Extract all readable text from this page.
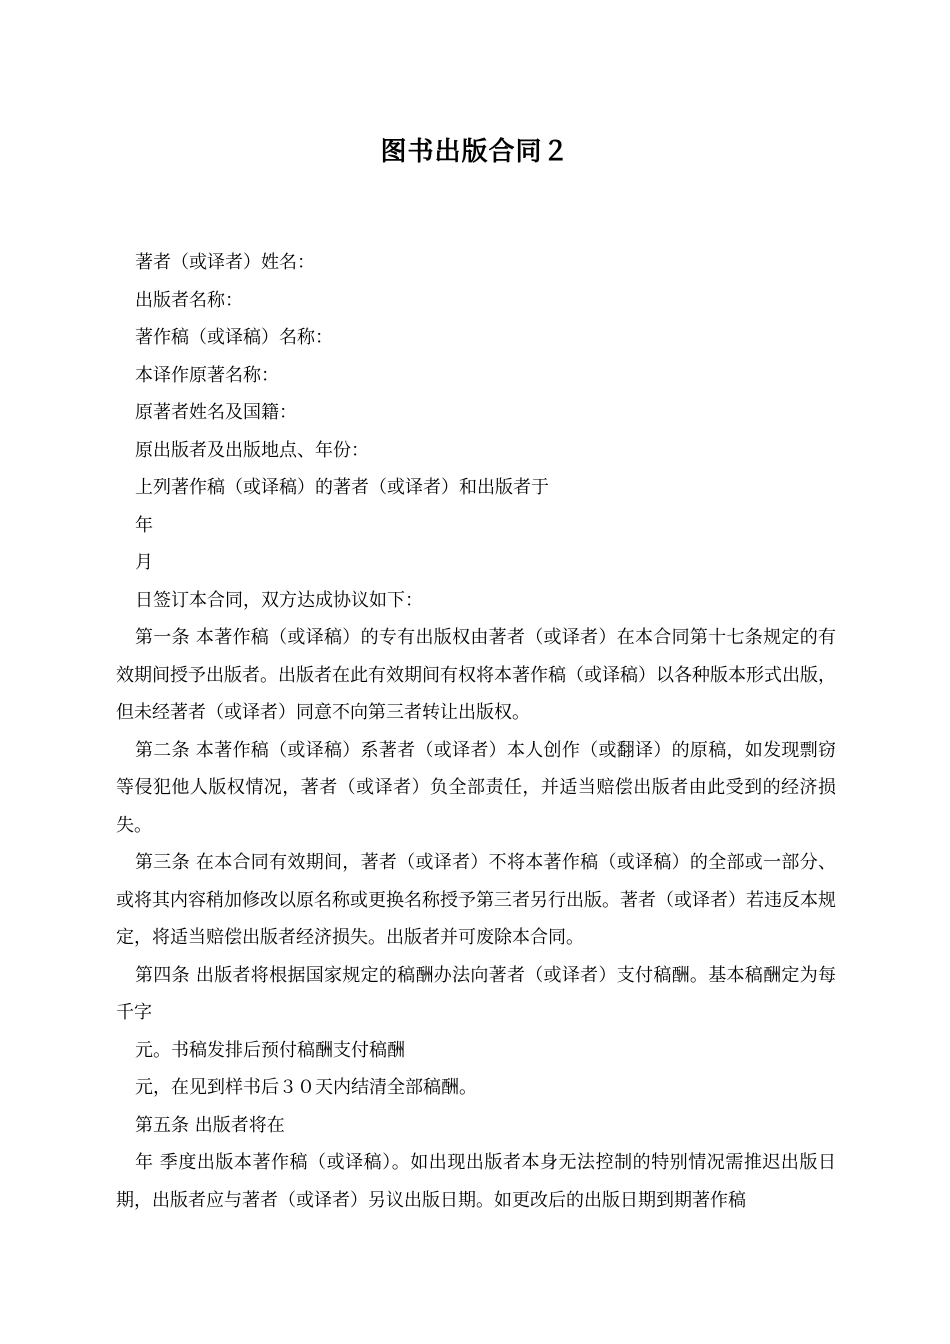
图书出版合同２

著者（或译者）姓名：

出版者名称：

著作稿（或译稿）名称：

本译作原著名称：

原著者姓名及国籍：

原出版者及出版地点、年份：

上列著作稿（或译稿）的著者（或译者）和出版者于

年

月

日签订本合同，双方达成协议如下：

第一条 本著作稿（或译稿）的专有出版权由著者（或译者）在本合同第十七条规定的有效期间授予出版者。出版者在此有效期间有权将本著作稿（或译稿）以各种版本形式出版，但未经著者（或译者）同意不向第三者转让出版权。

第二条 本著作稿（或译稿）系著者（或译者）本人创作（或翻译）的原稿，如发现剽窃等侵犯他人版权情况，著者（或译者）负全部责任，并适当赔偿出版者由此受到的经济损失。

第三条 在本合同有效期间，著者（或译者）不将本著作稿（或译稿）的全部或一部分、或将其内容稍加修改以原名称或更换名称授予第三者另行出版。著者（或译者）若违反本规定，将适当赔偿出版者经济损失。出版者并可废除本合同。

第四条 出版者将根据国家规定的稿酬办法向著者（或译者）支付稿酬。基本稿酬定为每千字

元。书稿发排后预付稿酬支付稿酬

元，在见到样书后３０天内结清全部稿酬。

第五条 出版者将在

年 季度出版本著作稿（或译稿）。如出现出版者本身无法控制的特别情况需推迟出版日期，出版者应与著者（或译者）另议出版日期。如更改后的出版日期到期著作稿
